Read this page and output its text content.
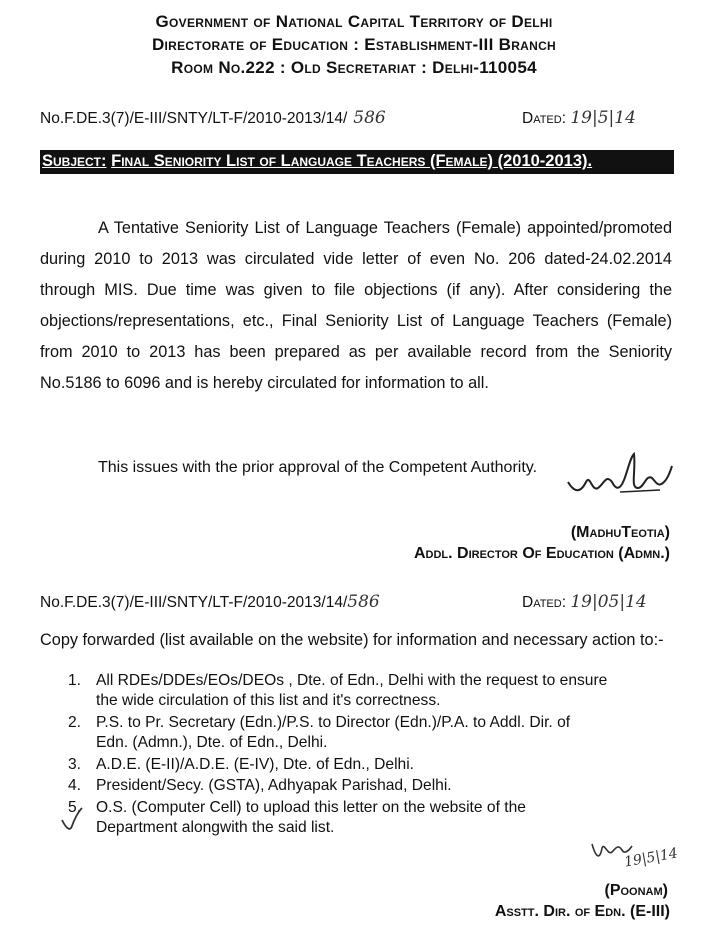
Government of National Capital Territory of Delhi
Directorate of Education : Establishment-III Branch
Room No.222 : Old Secretariat : Delhi-110054
No.F.DE.3(7)/E-III/SNTY/LT-F/2010-2013/14/ 586	Dated: 19|5|14
Subject: Final Seniority List of Language Teachers (Female) (2010-2013).
A Tentative Seniority List of Language Teachers (Female) appointed/promoted during 2010 to 2013 was circulated vide letter of even No. 206 dated-24.02.2014 through MIS. Due time was given to file objections (if any). After considering the objections/representations, etc., Final Seniority List of Language Teachers (Female) from 2010 to 2013 has been prepared as per available record from the Seniority No.5186 to 6096 and is hereby circulated for information to all.
This issues with the prior approval of the Competent Authority.
(MadhuTeotia)
Addl. Director Of Education (Admn.)
No.F.DE.3(7)/E-III/SNTY/LT-F/2010-2013/14/586	Dated: 19|05|14
Copy forwarded (list available on the website) for information and necessary action to:-
1. All RDEs/DDEs/EOs/DEOs , Dte. of Edn., Delhi with the request to ensure
the wide circulation of this list and it's correctness.
2. P.S. to Pr. Secretary (Edn.)/P.S. to Director (Edn.)/P.A. to Addl. Dir. of
Edn. (Admn.), Dte. of Edn., Delhi.
3. A.D.E. (E-II)/A.D.E. (E-IV), Dte. of Edn., Delhi.
4. President/Secy. (GSTA), Adhyapak Parishad, Delhi.
5. O.S. (Computer Cell) to upload this letter on the website of the
Department alongwith the said list.
19|5|14
(Poonam)
Asstt. Dir. of Edn. (E-III)
